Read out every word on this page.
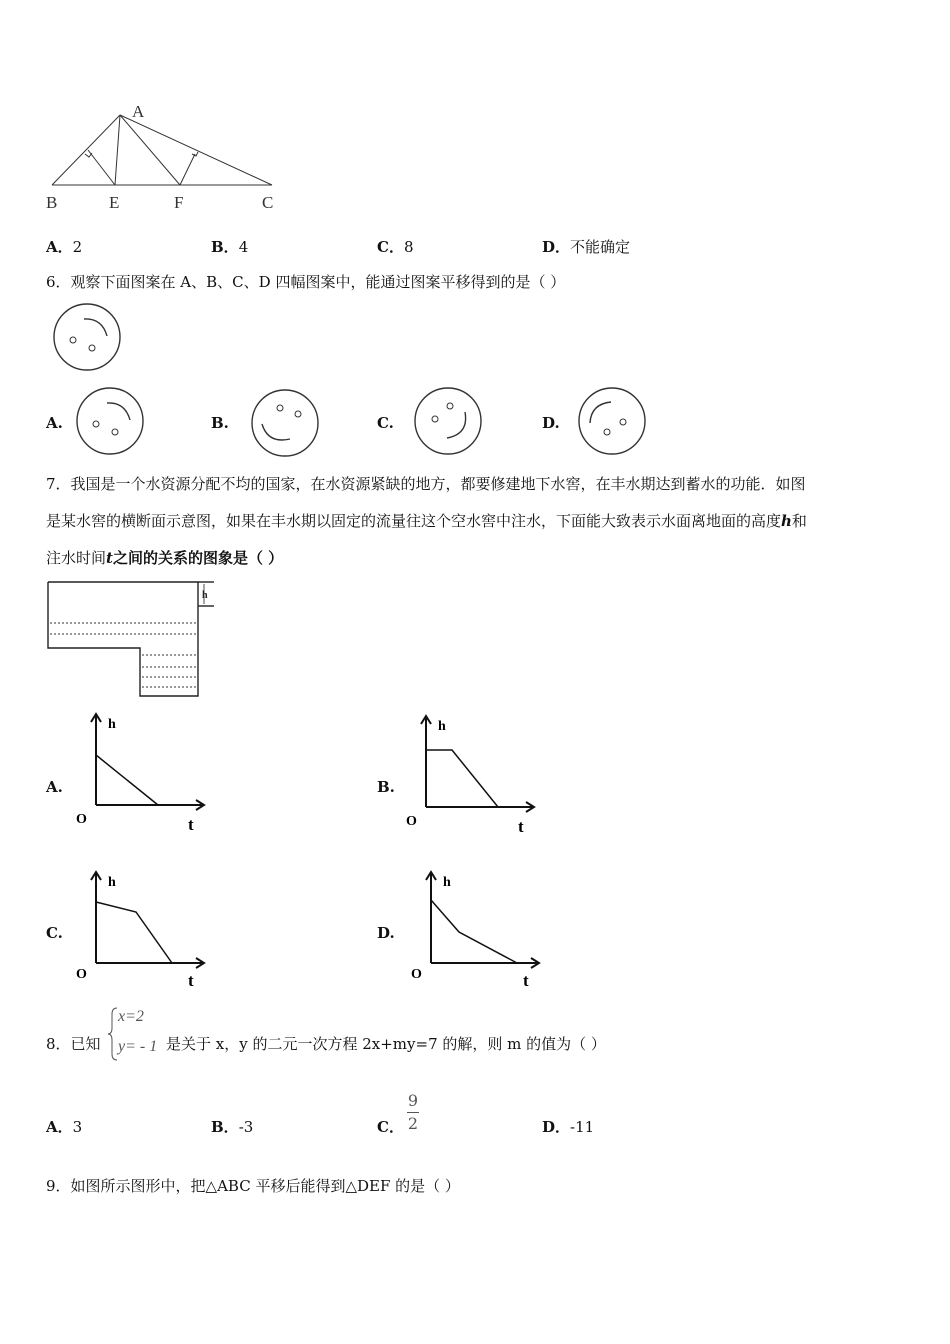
A
B	E	F	C
A．2	B．4	C．8	D．不能确定
6．观察下面图案在 A、B、C、D 四幅图案中，能通过图案平移得到的是（ ）
A.	B.	C.	D.
7．我国是一个水资源分配不均的国家，在水资源紧缺的地方，都要修建地下水窖，在丰水期达到蓄水的功能．如图
是某水窖的横断面示意图，如果在丰水期以固定的流量往这个空水窖中注水，下面能大致表示水面离地面的高度h和
注水时间t之间的关系的图象是（ ）
h
A.
h
O	t
B.
h
O	t
C.
h
O	t
D.
h
O	t
8．已知
x=2
y= - 1 是关于 x，y 的二元一次方程 2x+my=7 的解，则 m 的值为（ ）
A．3	B．-3	C．
9
2	D．-11
9．如图所示图形中，把△ABC 平移后能得到△DEF 的是（ ）
